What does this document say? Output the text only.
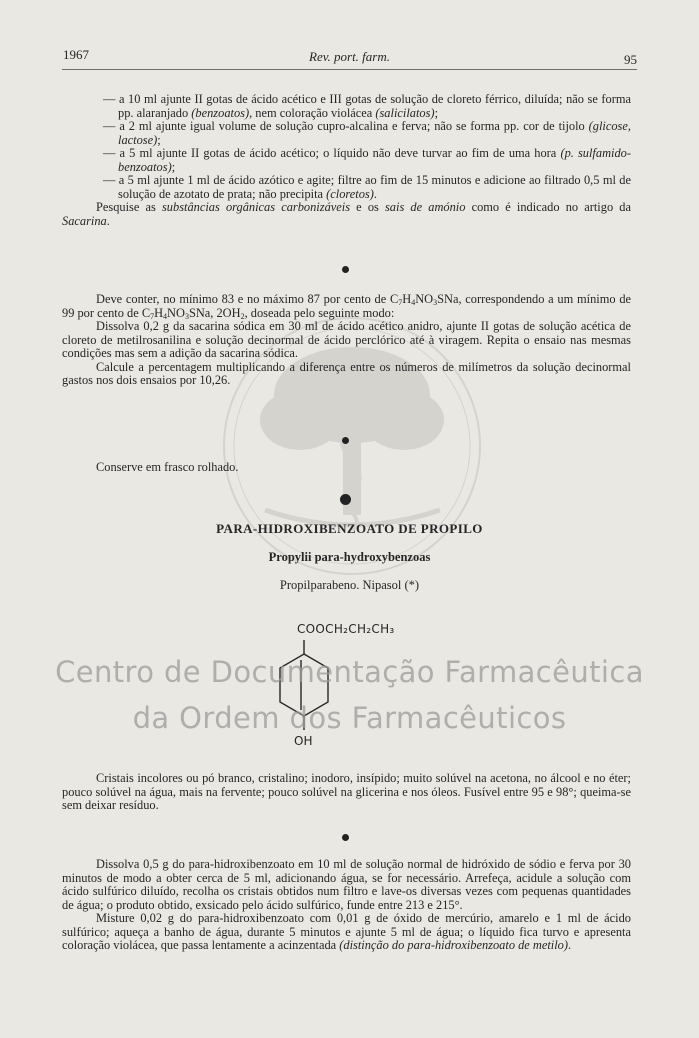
1967	Rev. port. farm.	95

— a 10 ml ajunte II gotas de ácido acético e III gotas de solução de cloreto férrico, diluída; não se forma pp. alaranjado (benzoatos), nem coloração violácea (salicilatos);

— a 2 ml ajunte igual volume de solução cupro-alcalina e ferva; não se forma pp. cor de tijolo (glicose, lactose);

— a 5 ml ajunte II gotas de ácido acético; o líquido não deve turvar ao fim de uma hora (p. sulfamido-benzoatos);

— a 5 ml ajunte 1 ml de ácido azótico e agite; filtre ao fim de 15 minutos e adicione ao filtrado 0,5 ml de solução de azotato de prata; não precipita (cloretos).

Pesquise as substâncias orgânicas carbonizáveis e os sais de amónio como é indicado no artigo da Sacarina.

Deve conter, no mínimo 83 e no máximo 87 por cento de $C_7H_4NO_3SNa$, correspondendo a um mínimo de 99 por cento de $C_7H_4NO_3SNa$, $2OH_2$, doseada pelo seguinte modo:

Dissolva 0,2 g da sacarina sódica em 30 ml de ácido acético anidro, ajunte II gotas de solução acética de cloreto de metilrosanilina e solução decinormal de ácido perclórico até à viragem. Repita o ensaio nas mesmas condições mas sem a adição da sacarina sódica.

Calcule a percentagem multiplicando a diferença entre os números de milímetros da solução decinormal gastos nos dois ensaios por 10,26.

Conserve em frasco rolhado.

PARA-HIDROXIBENZOATO DE PROPILO
Propylii para-hydroxybenzoas
Propilparabeno. Nipasol (*)
COOCH₂CH₂CH₃
OH
Centro de Documentação Farmacêutica
da Ordem dos Farmacêuticos

Cristais incolores ou pó branco, cristalino; inodoro, insípido; muito solúvel na acetona, no álcool e no éter; pouco solúvel na água, mais na fervente; pouco solúvel na glicerina e nos óleos. Fusível entre 95 e 98°; queima-se sem deixar resíduo.

Dissolva 0,5 g do para-hidroxibenzoato em 10 ml de solução normal de hidróxido de sódio e ferva por 30 minutos de modo a obter cerca de 5 ml, adicionando água, se for necessário. Arrefeça, acidule a solução com ácido sulfúrico diluído, recolha os cristais obtidos num filtro e lave-os diversas vezes com pequenas quantidades de água; o produto obtido, exsicado pelo ácido sulfúrico, funde entre 213 e 215°.

Misture 0,02 g do para-hidroxibenzoato com 0,01 g de óxido de mercúrio, amarelo e 1 ml de ácido sulfúrico; aqueça a banho de água, durante 5 minutos e ajunte 5 ml de água; o líquido fica turvo e apresenta coloração violácea, que passa lentamente a acinzentada (distinção do para-hidroxibenzoato de metilo).
